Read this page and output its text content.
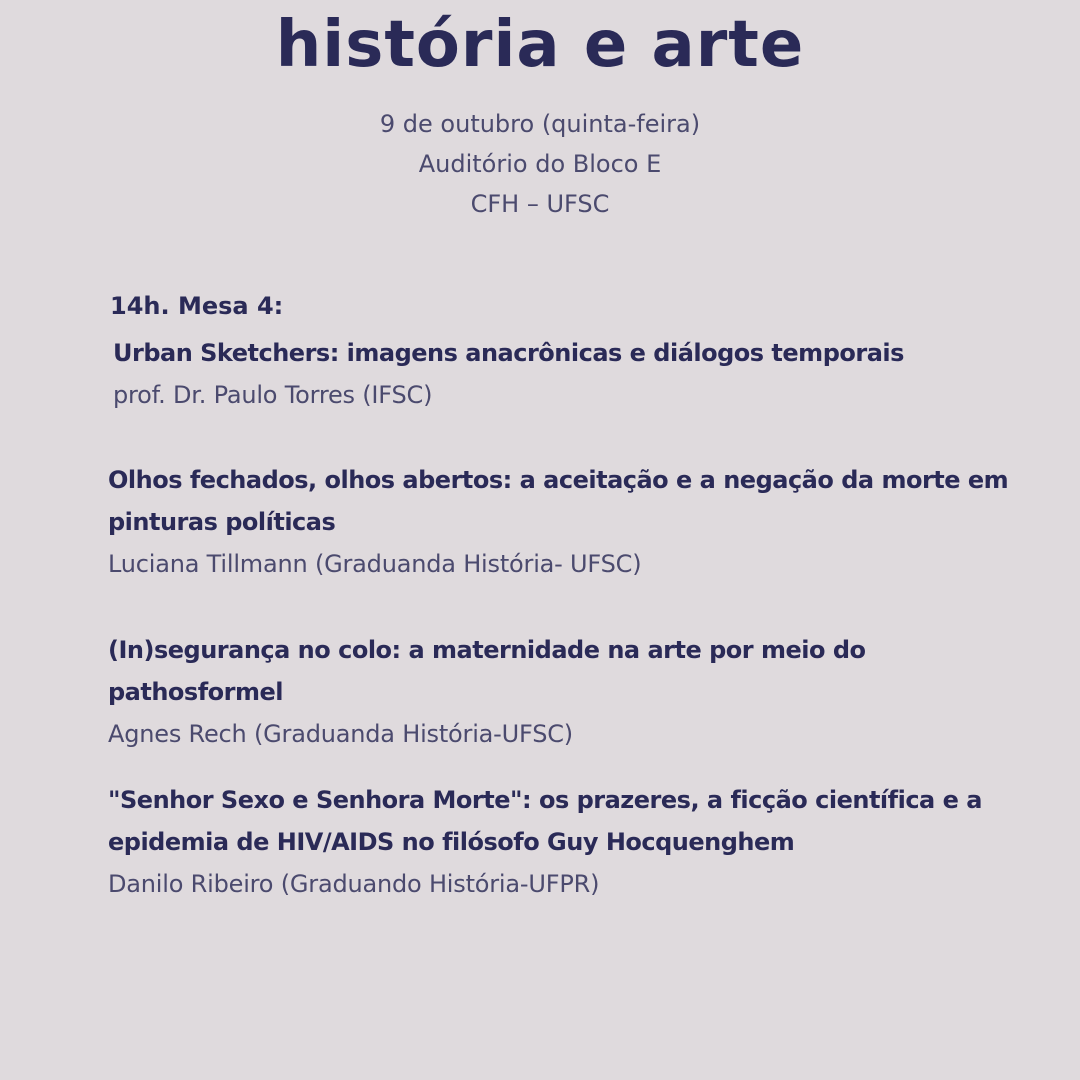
história e arte
9 de outubro (quinta-feira)
Auditório do Bloco E
CFH – UFSC
14h. Mesa 4:
Urban Sketchers: imagens anacrônicas e diálogos temporais
prof. Dr. Paulo Torres (IFSC)
Olhos fechados, olhos abertos: a aceitação e a negação da morte em pinturas políticas
Luciana Tillmann (Graduanda História- UFSC)
(In)segurança no colo: a maternidade na arte por meio do pathosformel
Agnes Rech (Graduanda História-UFSC)
"Senhor Sexo e Senhora Morte": os prazeres, a ficção científica e a epidemia de HIV/AIDS no filósofo Guy Hocquenghem
Danilo Ribeiro (Graduando História-UFPR)
